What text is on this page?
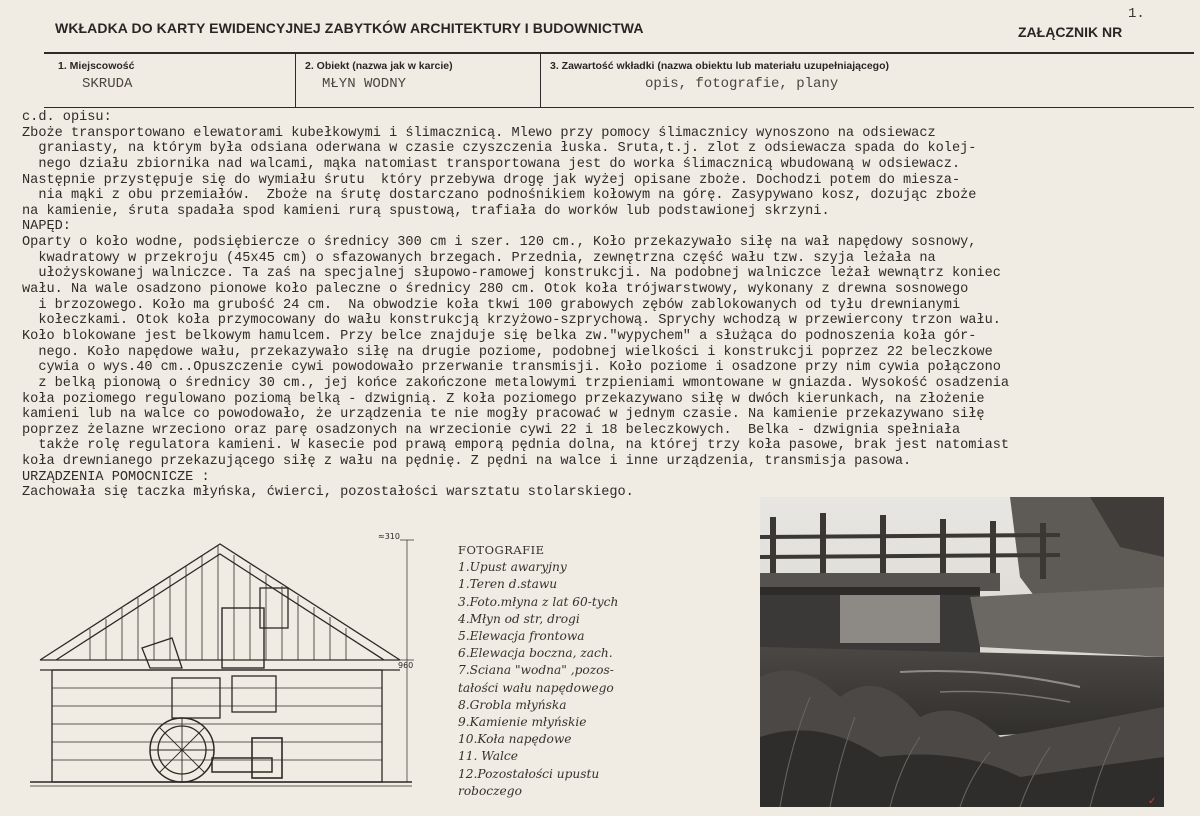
WKŁADKA DO KARTY EWIDENCYJNEJ ZABYTKÓW ARCHITEKTURY I BUDOWNICTWA	ZAŁĄCZNIK NR
1.
1. Miejscowość
SKRUDA
2. Obiekt (nazwa jak w karcie)
MŁYN WODNY
3. Zawartość wkładki (nazwa obiektu lub materiału uzupełniającego)
opis, fotografie, plany
c.d. opisu:
Zboże transportowano elewatorami kubełkowymi i ślimacznicą. Mlewo przy pomocy ślimacznicy wynoszono na odsiewacz
graniasty, na którym była odsiana oderwana w czasie czyszczenia łuska. Sruta,t.j. zlot z odsiewacza spada do kolej-
nego działu zbiornika nad walcami, mąka natomiast transportowana jest do worka ślimacznicą wbudowaną w odsiewacz.
Następnie przystępuje się do wymiału śrutu  który przebywa drogę jak wyżej opisane zboże. Dochodzi potem do miesza-
nia mąki z obu przemiałów.  Zboże na śrutę dostarczano podnośnikiem kołowym na górę. Zasypywano kosz, dozując zboże
na kamienie, śruta spadała spod kamieni rurą spustową, trafiała do worków lub podstawionej skrzyni.
NAPĘD:
Oparty o koło wodne, podsiębiercze o średnicy 300 cm i szer. 120 cm., Koło przekazywało siłę na wał napędowy sosnowy,
kwadratowy w przekroju (45x45 cm) o sfazowanych brzegach. Przednia, zewnętrzna część wału tzw. szyja leżała na
ułożyskowanej walniczce. Ta zaś na specjalnej słupowo-ramowej konstrukcji. Na podobnej walniczce leżał wewnątrz koniec
wału. Na wale osadzono pionowe koło paleczne o średnicy 280 cm. Otok koła trójwarstwowy, wykonany z drewna sosnowego
i brzozowego. Koło ma grubość 24 cm.  Na obwodzie koła tkwi 100 grabowych zębów zablokowanych od tyłu drewnianymi
kołeczkami. Otok koła przymocowany do wału konstrukcją krzyżowo-szprychową. Sprychy wchodzą w przewiercony trzon wału.
Koło blokowane jest belkowym hamulcem. Przy belce znajduje się belka zw."wypychem" a służąca do podnoszenia koła gór-
nego. Koło napędowe wału, przekazywało siłę na drugie poziome, podobnej wielkości i konstrukcji poprzez 22 beleczkowe
cywia o wys.40 cm..Opuszczenie cywi powodowało przerwanie transmisji. Koło poziome i osadzone przy nim cywia połączono
z belką pionową o średnicy 30 cm., jej końce zakończone metalowymi trzpieniami wmontowane w gniazda. Wysokość osadzenia
koła poziomego regulowano poziomą belką - dzwignią. Z koła poziomego przekazywano siłę w dwóch kierunkach, na złożenie
kamieni lub na walce co powodowało, że urządzenia te nie mogły pracować w jednym czasie. Na kamienie przekazywano siłę
poprzez żelazne wrzeciono oraz parę osadzonych na wrzecionie cywi 22 i 18 beleczkowych.  Belka - dzwignia spełniała
także rolę regulatora kamieni. W kasecie pod prawą emporą pędnia dolna, na której trzy koła pasowe, brak jest natomiast
koła drewnianego przekazującego siłę z wału na pędnię. Z pędni na walce i inne urządzenia, transmisja pasowa.
URZĄDZENIA POMOCNICZE :
Zachowała się taczka młyńska, ćwierci, pozostałości warsztatu stolarskiego.
≈310
960
FOTOGRAFIE
1.Upust awaryjny
1.Teren d.stawu
3.Foto.młyna z lat 60-tych
4.Młyn od str, drogi
5.Elewacja frontowa
6.Elewacja boczna, zach.
7.Sciana "wodna" ,pozos-
tałości wału napędowego
8.Grobla młyńska
9.Kamienie młyńskie
10.Koła napędowe
11. Walce
12.Pozostałości upustu
roboczego
✓
